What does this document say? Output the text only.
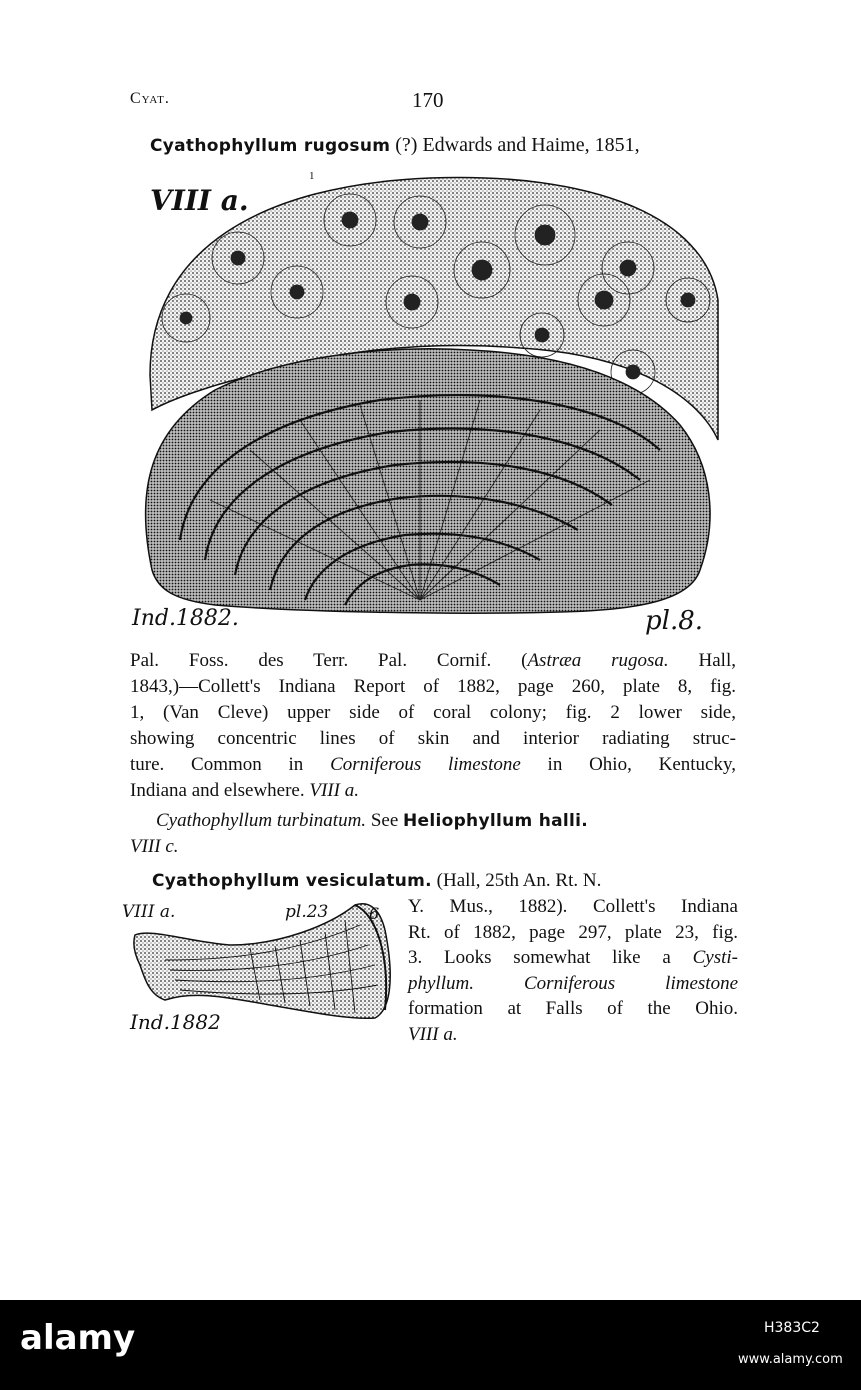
Cyat.	170
Cyathophyllum rugosum (?) Edwards and Haime, 1851,
VIII a.
1
Ind.1882.	pl.8.
Pal. Foss. des Terr. Pal. Cornif. (Astræa rugosa. Hall,
1843,)—Collett's Indiana Report of 1882, page 260, plate 8, fig.
1, (Van Cleve) upper side of coral colony; fig. 2 lower side,
showing concentric lines of skin and interior radiating struc-
ture. Common in Corniferous limestone in Ohio, Kentucky,
Indiana and elsewhere. VIII a.
Cyathophyllum turbinatum. See Heliophyllum halli.
VIII c.
Cyathophyllum vesiculatum. (Hall, 25th An. Rt. N.
VIII a.	pl.23	6
Ind.1882
Y. Mus., 1882). Collett's Indiana
Rt. of 1882, page 297, plate 23, fig.
3. Looks somewhat like a Cysti-
phyllum. Corniferous limestone
formation at Falls of the Ohio.
VIII a.
alamy	H383C2
www.alamy.com
